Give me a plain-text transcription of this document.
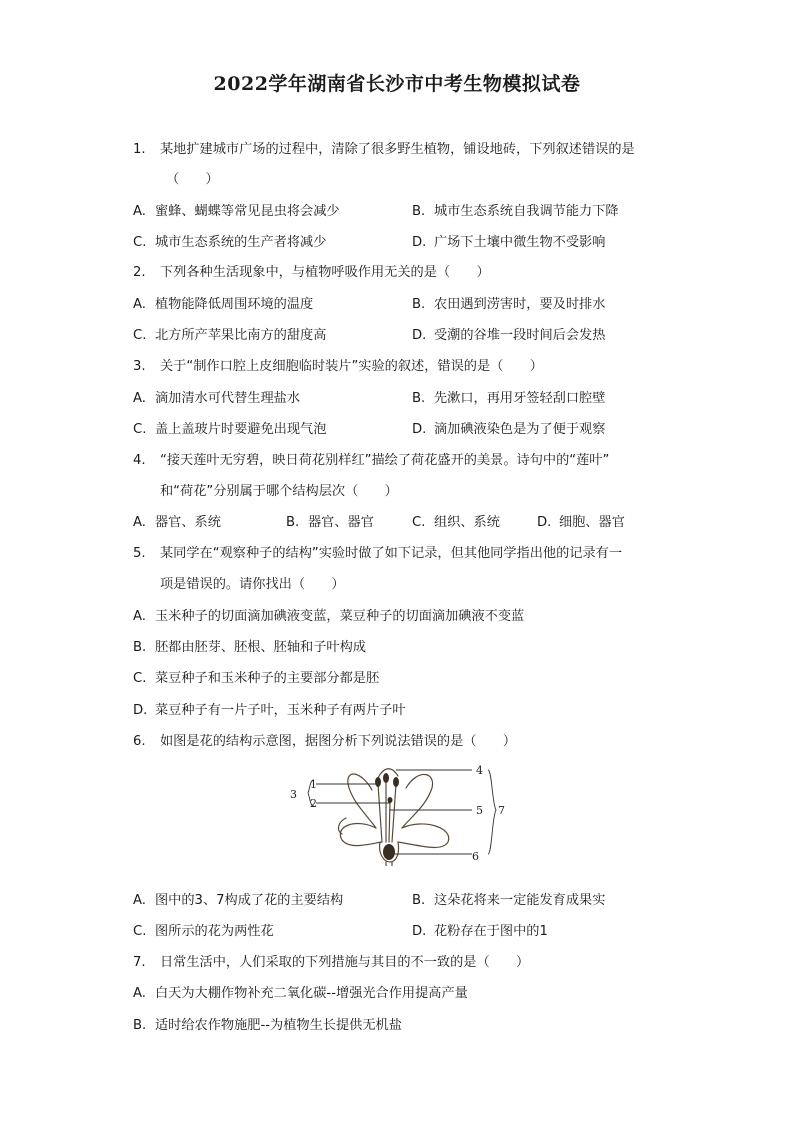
2022学年湖南省长沙市中考生物模拟试卷
1. 某地扩建城市广场的过程中，清除了很多野生植物，铺设地砖，下列叙述错误的是
（　　）
A. 蜜蜂、蝴蝶等常见昆虫将会减少	B. 城市生态系统自我调节能力下降
C. 城市生态系统的生产者将减少	D. 广场下土壤中微生物不受影响
2. 下列各种生活现象中，与植物呼吸作用无关的是（　　）
A. 植物能降低周围环境的温度	B. 农田遇到涝害时，要及时排水
C. 北方所产苹果比南方的甜度高	D. 受潮的谷堆一段时间后会发热
3. 关于“制作口腔上皮细胞临时装片”实验的叙述，错误的是（　　）
A. 滴加清水可代替生理盐水	B. 先漱口，再用牙签轻刮口腔壁
C. 盖上盖玻片时要避免出现气泡	D. 滴加碘液染色是为了便于观察
4. “接天莲叶无穷碧，映日荷花别样红”描绘了荷花盛开的美景。诗句中的“莲叶”
和“荷花”分别属于哪个结构层次（　　）
A. 器官、系统	B. 器官、器官	C. 组织、系统	D. 细胞、器官
5. 某同学在“观察种子的结构”实验时做了如下记录，但其他同学指出他的记录有一
项是错误的。请你找出（　　）
A. 玉米种子的切面滴加碘液变蓝，菜豆种子的切面滴加碘液不变蓝
B. 胚都由胚芽、胚根、胚轴和子叶构成
C. 菜豆种子和玉米种子的主要部分都是胚
D. 菜豆种子有一片子叶，玉米种子有两片子叶
6. 如图是花的结构示意图，据图分析下列说法错误的是（　　）
1
2
3
4
5
6
7
A. 图中的3、7构成了花的主要结构	B. 这朵花将来一定能发育成果实
C. 图所示的花为两性花	D. 花粉存在于图中的1
7. 日常生活中，人们采取的下列措施与其目的不一致的是（　　）
A. 白天为大棚作物补充二氧化碳--增强光合作用提高产量
B. 适时给农作物施肥--为植物生长提供无机盐
